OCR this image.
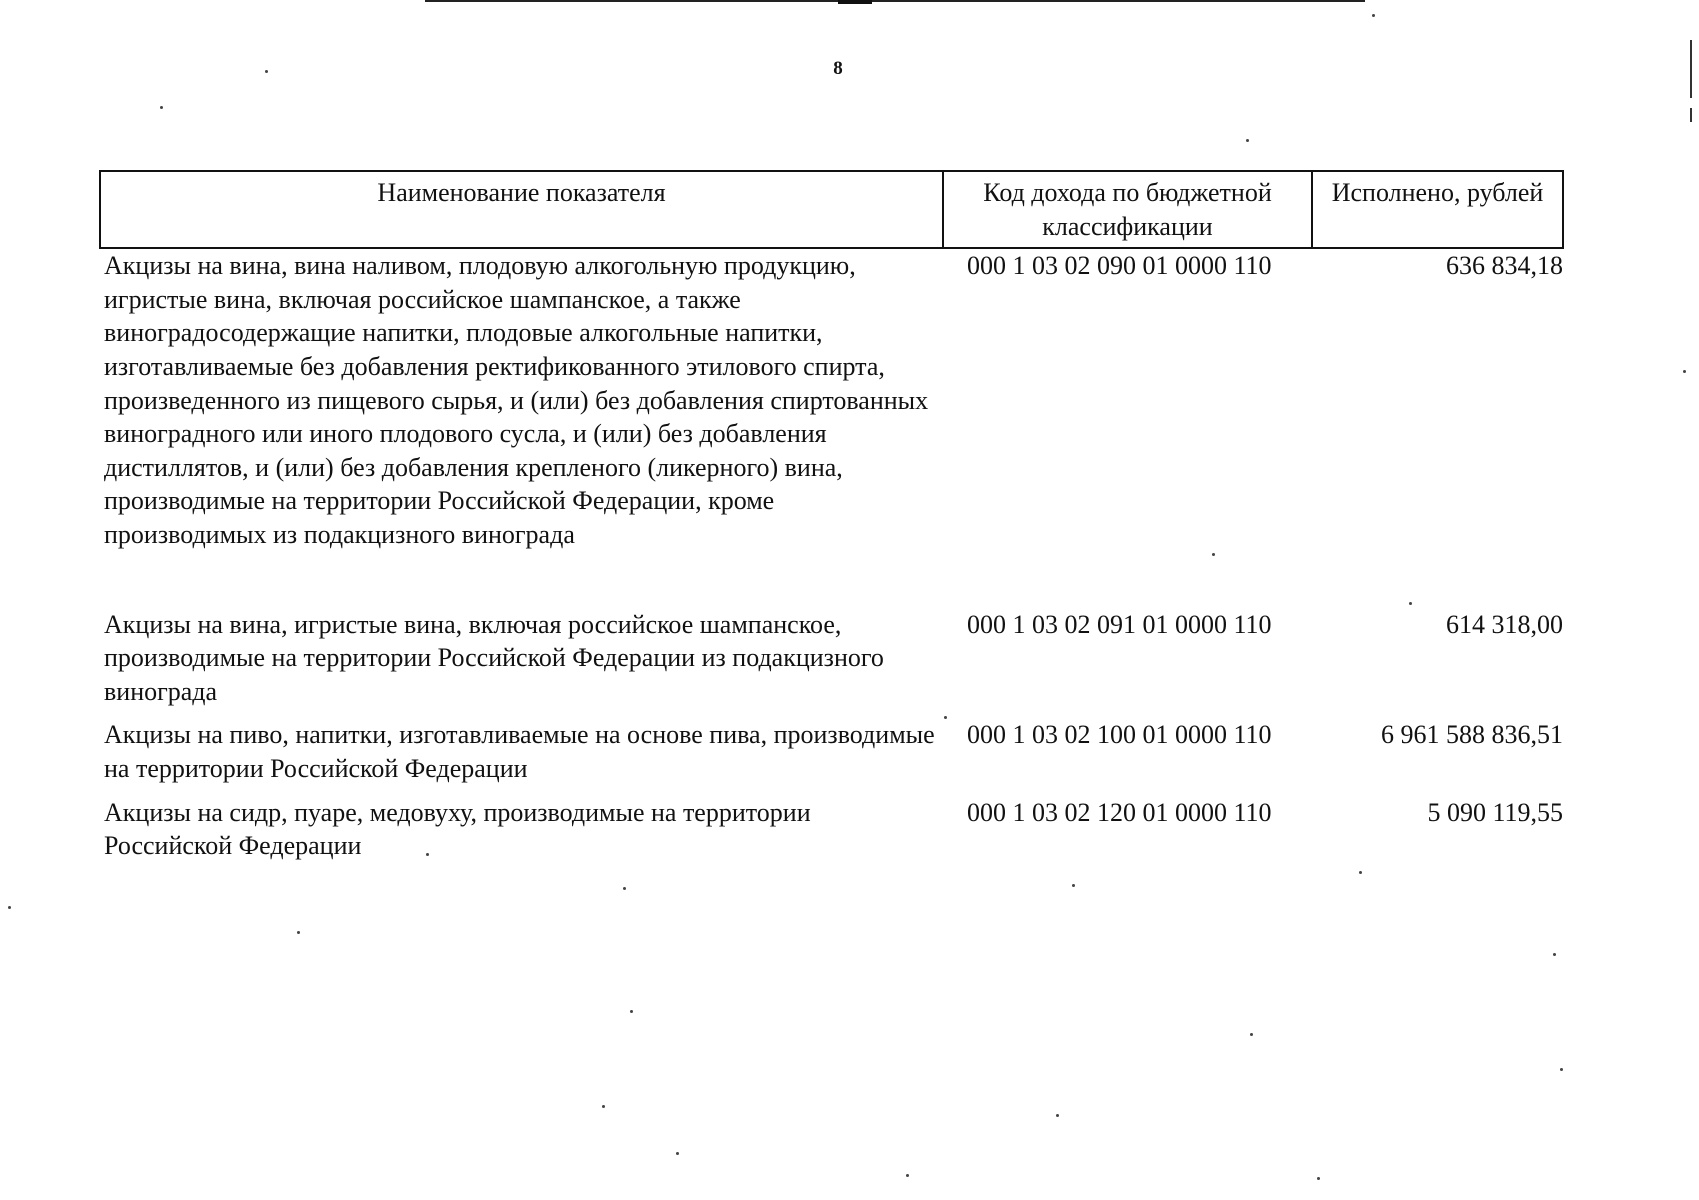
8
Наименование показателя	Код дохода по бюджетной классификации	Исполнено, рублей
Акцизы на вина, вина наливом, плодовую алкогольную продукцию, игристые вина, включая российское шампанское, а также виноградосодержащие напитки, плодовые алкогольные напитки, изготавливаемые без добавления ректификованного этилового спирта, произведенного из пищевого сырья, и (или) без добавления спиртованных виноградного или иного плодового сусла, и (или) без добавления дистиллятов, и (или) без добавления крепленого (ликерного) вина, производимые на территории Российской Федерации, кроме производимых из подакцизного винограда	000 1 03 02 090 01 0000 110	636 834,18

Акцизы на вина, игристые вина, включая российское шампанское, производимые на территории Российской Федерации из подакцизного винограда	000 1 03 02 091 01 0000 110	614 318,00

Акцизы на пиво, напитки, изготавливаемые на основе пива, производимые на территории Российской Федерации	000 1 03 02 100 01 0000 110	6 961 588 836,51

Акцизы на сидр, пуаре, медовуху, производимые на территории Российской Федерации	000 1 03 02 120 01 0000 110	5 090 119,55
